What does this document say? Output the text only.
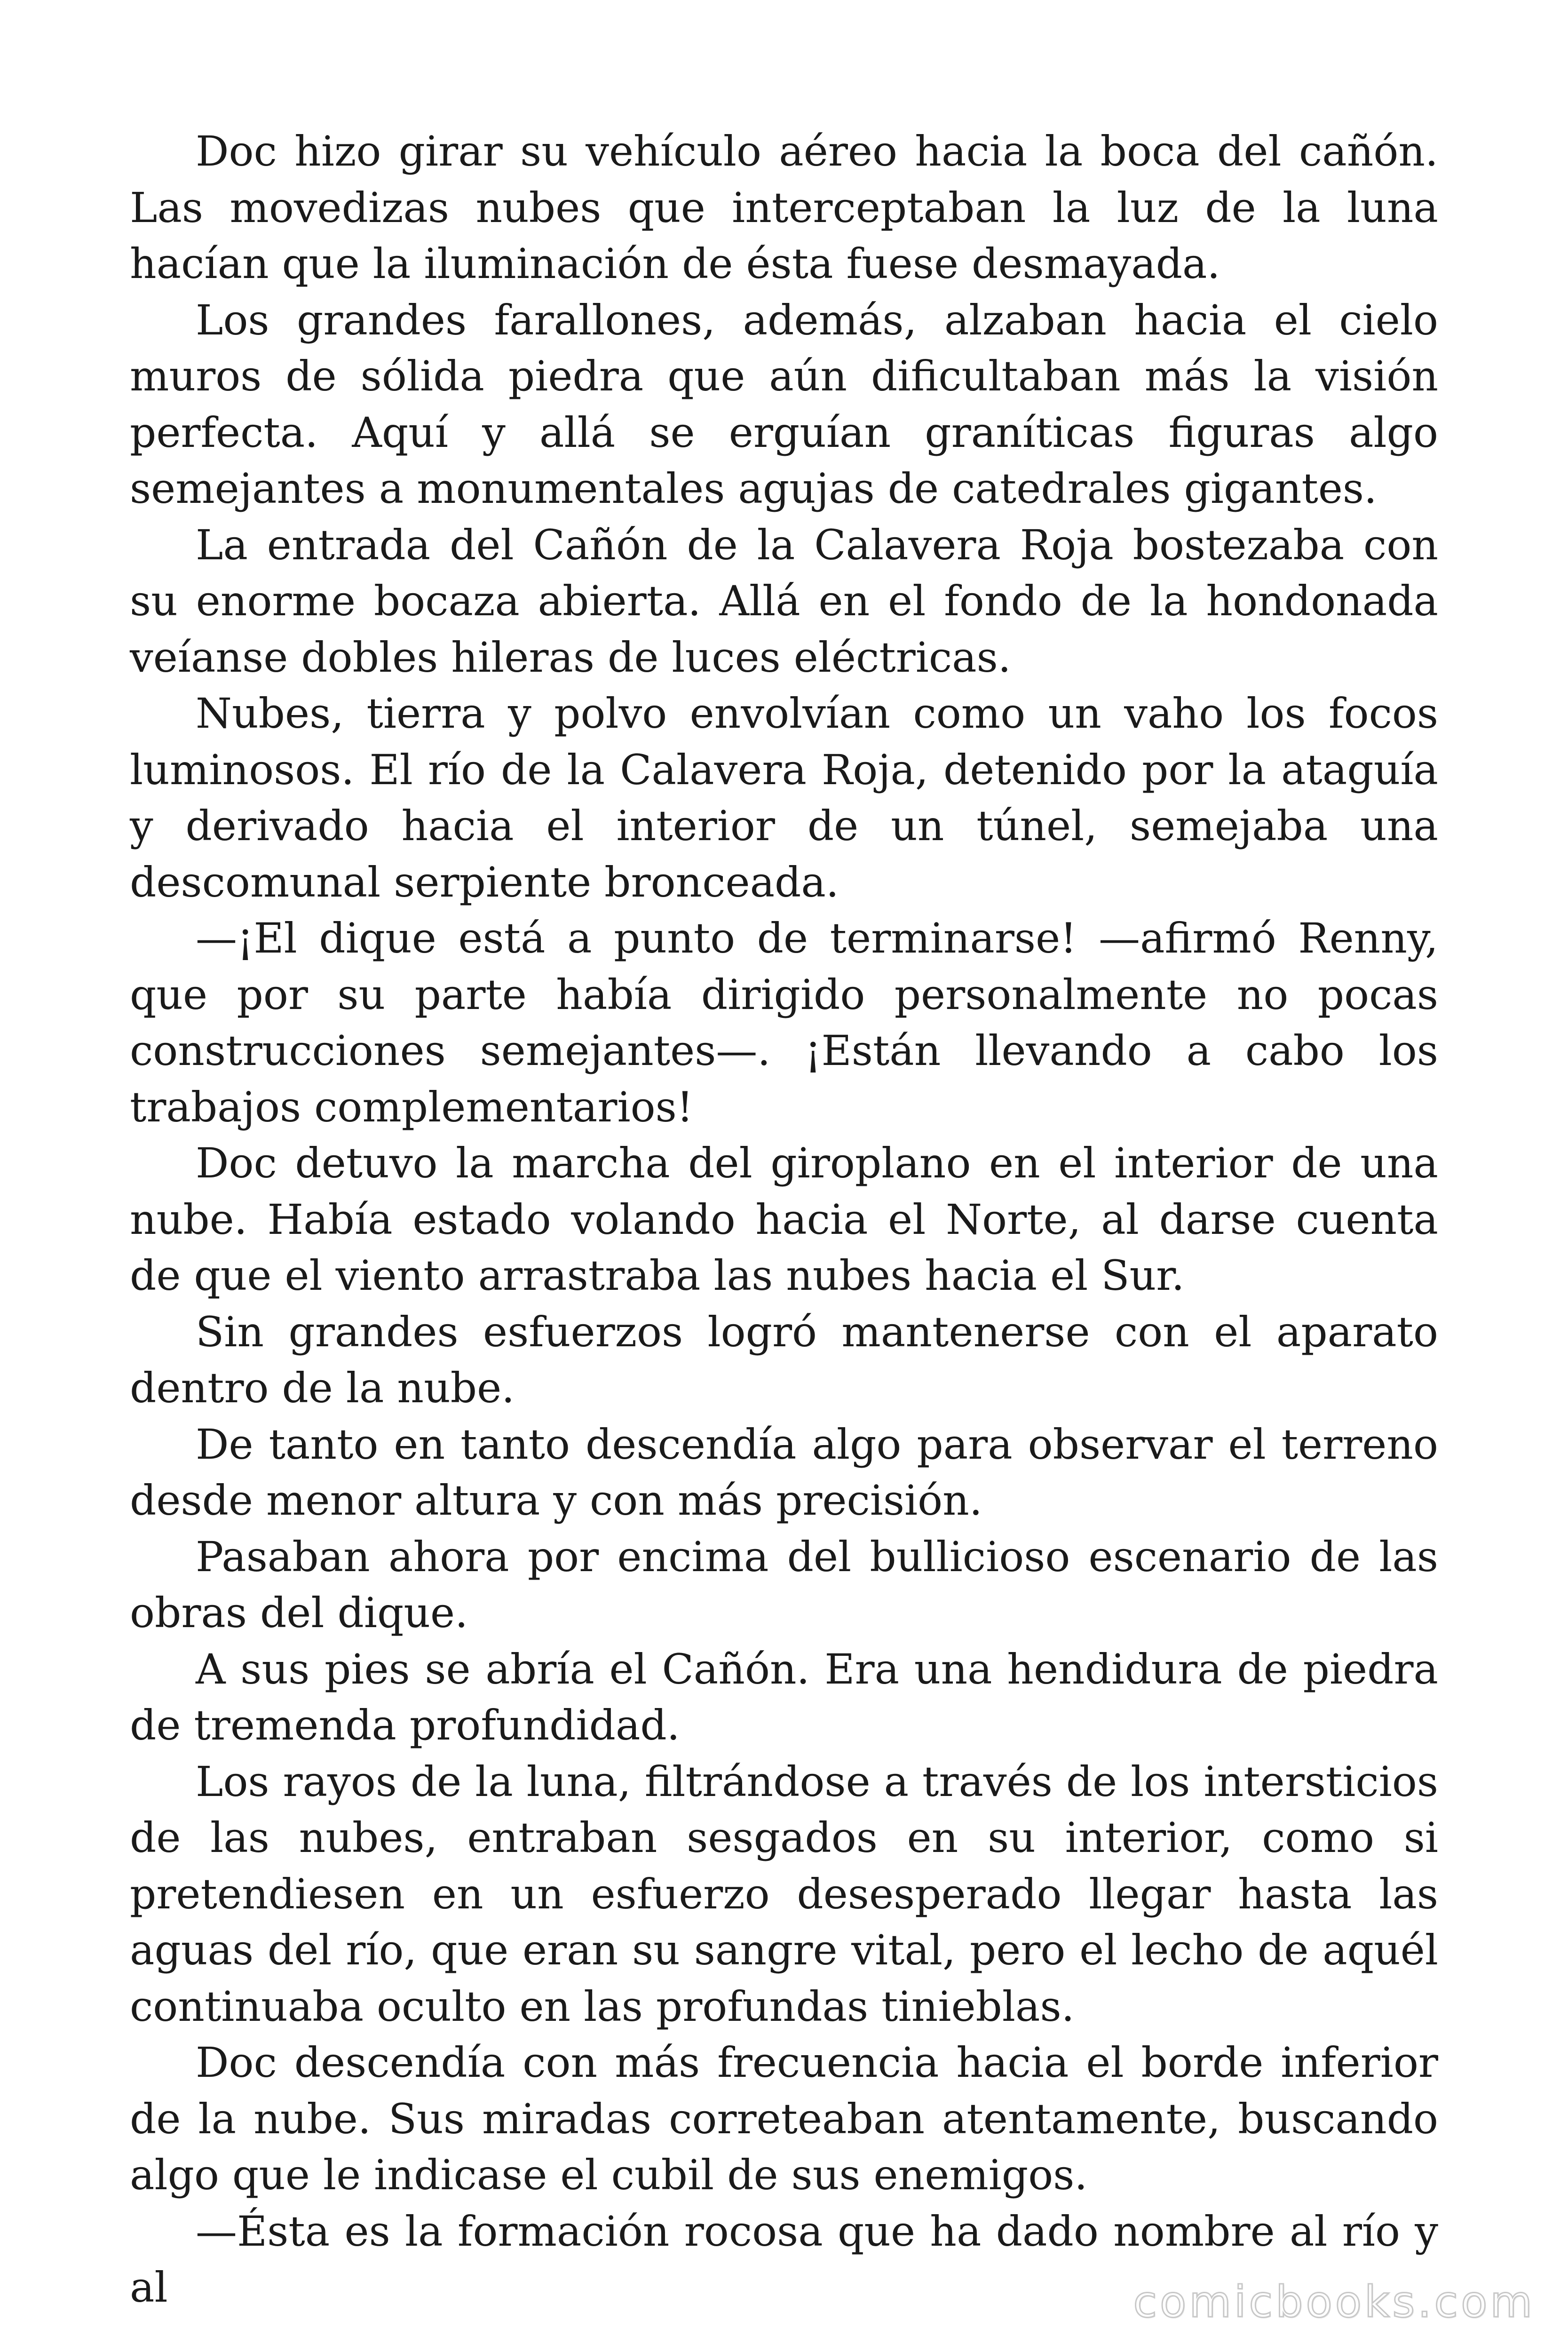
Doc hizo girar su vehículo aéreo hacia la boca del cañón. Las movedizas nubes que interceptaban la luz de la luna hacían que la iluminación de ésta fuese desmayada.

Los grandes farallones, además, alzaban hacia el cielo muros de sólida piedra que aún dificultaban más la visión perfecta. Aquí y allá se erguían graníticas figuras algo semejantes a monumentales agujas de catedrales gigantes.

La entrada del Cañón de la Calavera Roja bostezaba con su enorme bocaza abierta. Allá en el fondo de la hondonada veíanse dobles hileras de luces eléctricas.

Nubes, tierra y polvo envolvían como un vaho los focos luminosos. El río de la Calavera Roja, detenido por la ataguía y derivado hacia el interior de un túnel, semejaba una descomunal serpiente bronceada.

—¡El dique está a punto de terminarse! —afirmó Renny, que por su parte había dirigido personalmente no pocas construcciones semejantes—. ¡Están llevando a cabo los trabajos complementarios!

Doc detuvo la marcha del giroplano en el interior de una nube. Había estado volando hacia el Norte, al darse cuenta de que el viento arrastraba las nubes hacia el Sur.

Sin grandes esfuerzos logró mantenerse con el aparato dentro de la nube.

De tanto en tanto descendía algo para observar el terreno desde menor altura y con más precisión.

Pasaban ahora por encima del bullicioso escenario de las obras del dique.

A sus pies se abría el Cañón. Era una hendidura de piedra de tremenda profundidad.

Los rayos de la luna, filtrándose a través de los intersticios de las nubes, entraban sesgados en su interior, como si pretendiesen en un esfuerzo desesperado llegar hasta las aguas del río, que eran su sangre vital, pero el lecho de aquél continuaba oculto en las profundas tinieblas.

Doc descendía con más frecuencia hacia el borde inferior de la nube. Sus miradas correteaban atentamente, buscando algo que le indicase el cubil de sus enemigos.

—Ésta es la formación rocosa que ha dado nombre al río y al	comicbooks.com
